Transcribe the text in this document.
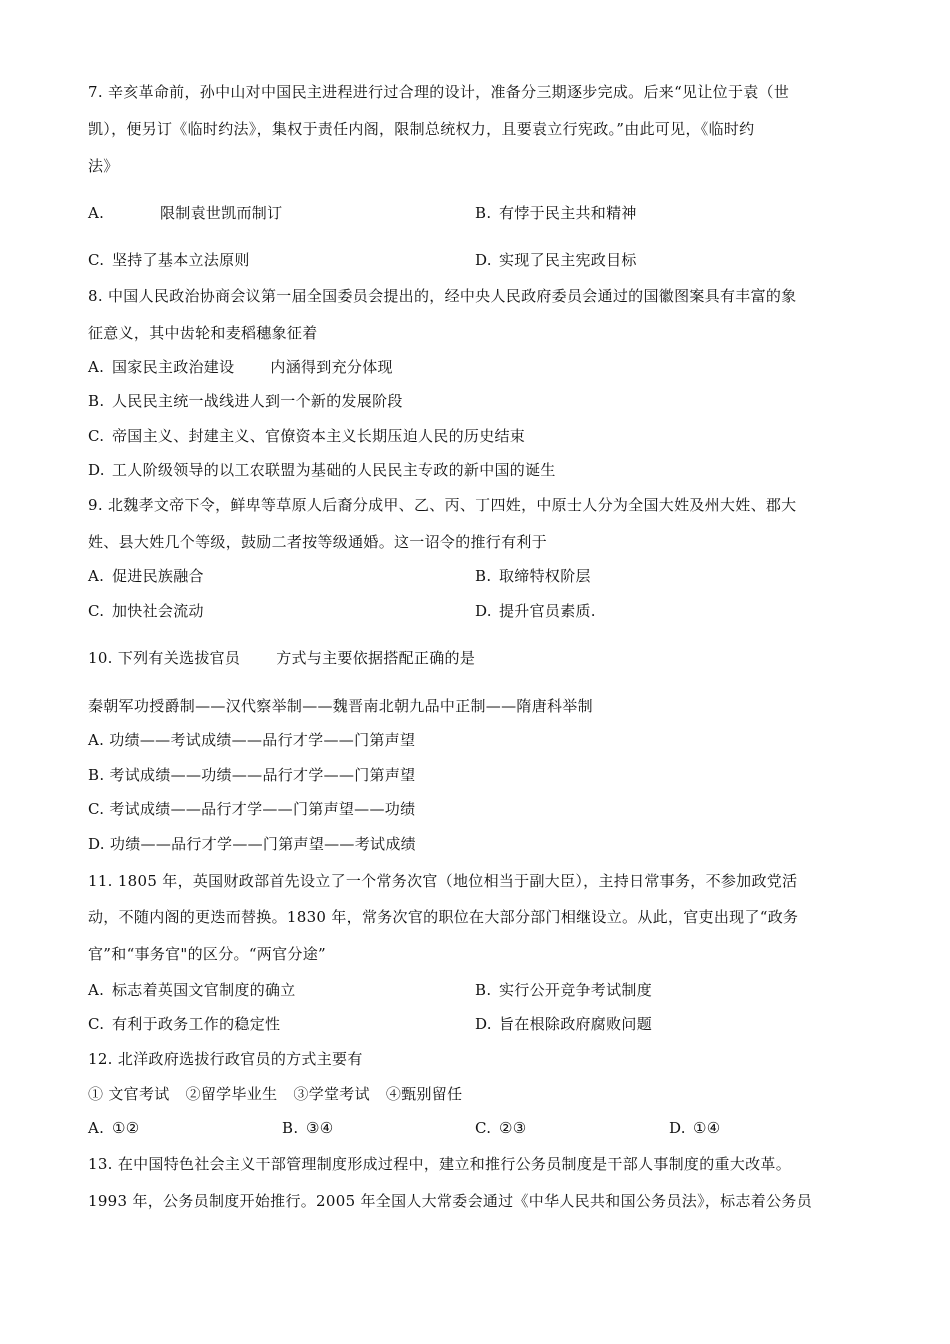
7. 辛亥革命前，孙中山对中国民主进程进行过合理的设计，准备分三期逐步完成。后来“见让位于袁（世
凯），便另订《临时约法》，集权于责任内阁，限制总统权力，且要袁立行宪政。”由此可见，《临时约
法》
A.	限制袁世凯而制订	B. 有悖于民主共和精神
C. 坚持了基本立法原则	D. 实现了民主宪政目标
8. 中国人民政治协商会议第一届全国委员会提出的，经中央人民政府委员会通过的国徽图案具有丰富的象
征意义，其中齿轮和麦稻穗象征着
A. 国家民主政治建设 内涵得到充分体现
B. 人民民主统一战线进人到一个新的发展阶段
C. 帝国主义、封建主义、官僚资本主义长期压迫人民的历史结束
D. 工人阶级领导的以工农联盟为基础的人民民主专政的新中国的诞生
9. 北魏孝文帝下令，鲜卑等草原人后裔分成甲、乙、丙、丁四姓，中原士人分为全国大姓及州大姓、郡大
姓、县大姓几个等级，鼓励二者按等级通婚。这一诏令的推行有利于
A. 促进民族融合	B. 取缔特权阶层
C. 加快社会流动	D. 提升官员素质.
10. 下列有关选拔官员 方式与主要依据搭配正确的是
秦朝军功授爵制——汉代察举制——魏晋南北朝九品中正制——隋唐科举制
A. 功绩——考试成绩——品行才学——门第声望
B. 考试成绩——功绩——品行才学——门第声望
C. 考试成绩——品行才学——门第声望——功绩
D. 功绩——品行才学——门第声望——考试成绩
11. 1805 年，英国财政部首先设立了一个常务次官（地位相当于副大臣），主持日常事务，不参加政党活
动，不随内阁的更迭而替换。1830 年，常务次官的职位在大部分部门相继设立。从此，官吏出现了“政务
官”和“事务官"的区分。“两官分途”
A. 标志着英国文官制度的确立	B. 实行公开竞争考试制度
C. 有利于政务工作的稳定性	D. 旨在根除政府腐败问题
12. 北洋政府选拔行政官员的方式主要有
① 文官考试 ②留学毕业生 ③学堂考试 ④甄别留任
A. ①②	B. ③④	C. ②③	D. ①④
13. 在中国特色社会主义干部管理制度形成过程中，建立和推行公务员制度是干部人事制度的重大改革。
1993 年，公务员制度开始推行。2005 年全国人大常委会通过《中华人民共和国公务员法》，标志着公务员
